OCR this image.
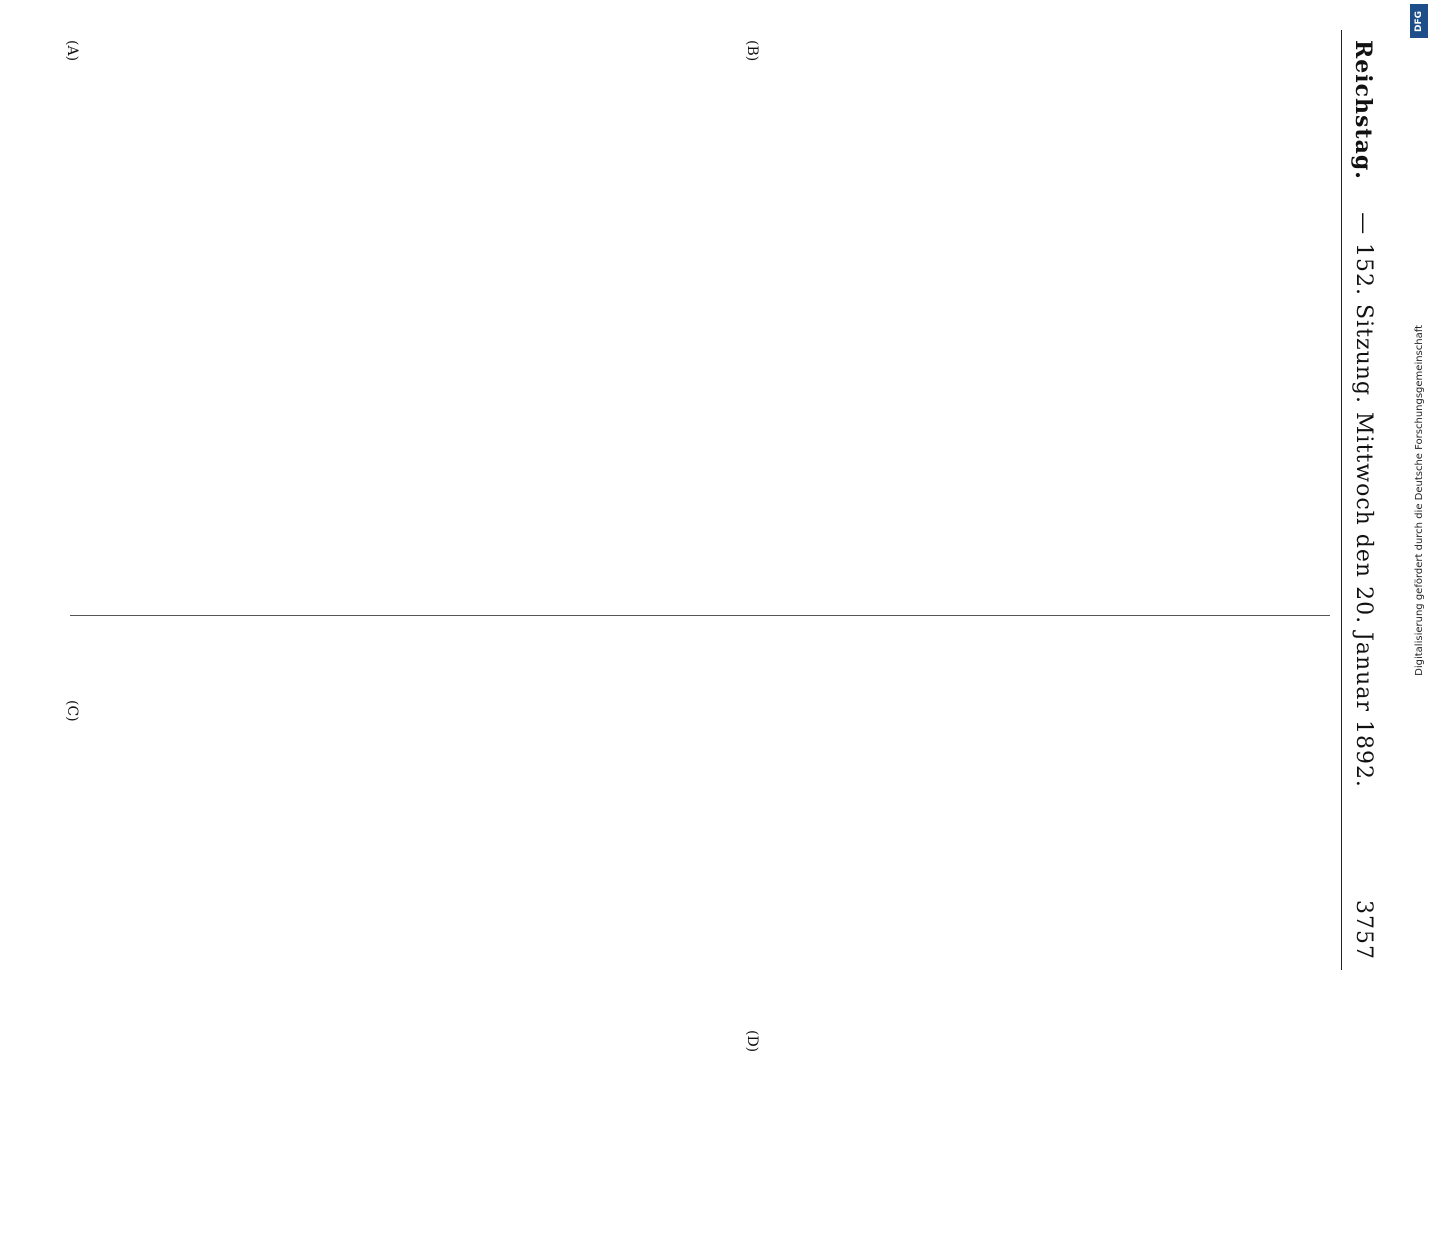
Reichstag.
— 152. Sitzung. Mittwoch den 20. Januar 1892.
3757
(A)	(B)
(C)
(D)
Digitalisierung gefördert durch die Deutsche Forschungsgemeinschaft
DFG
